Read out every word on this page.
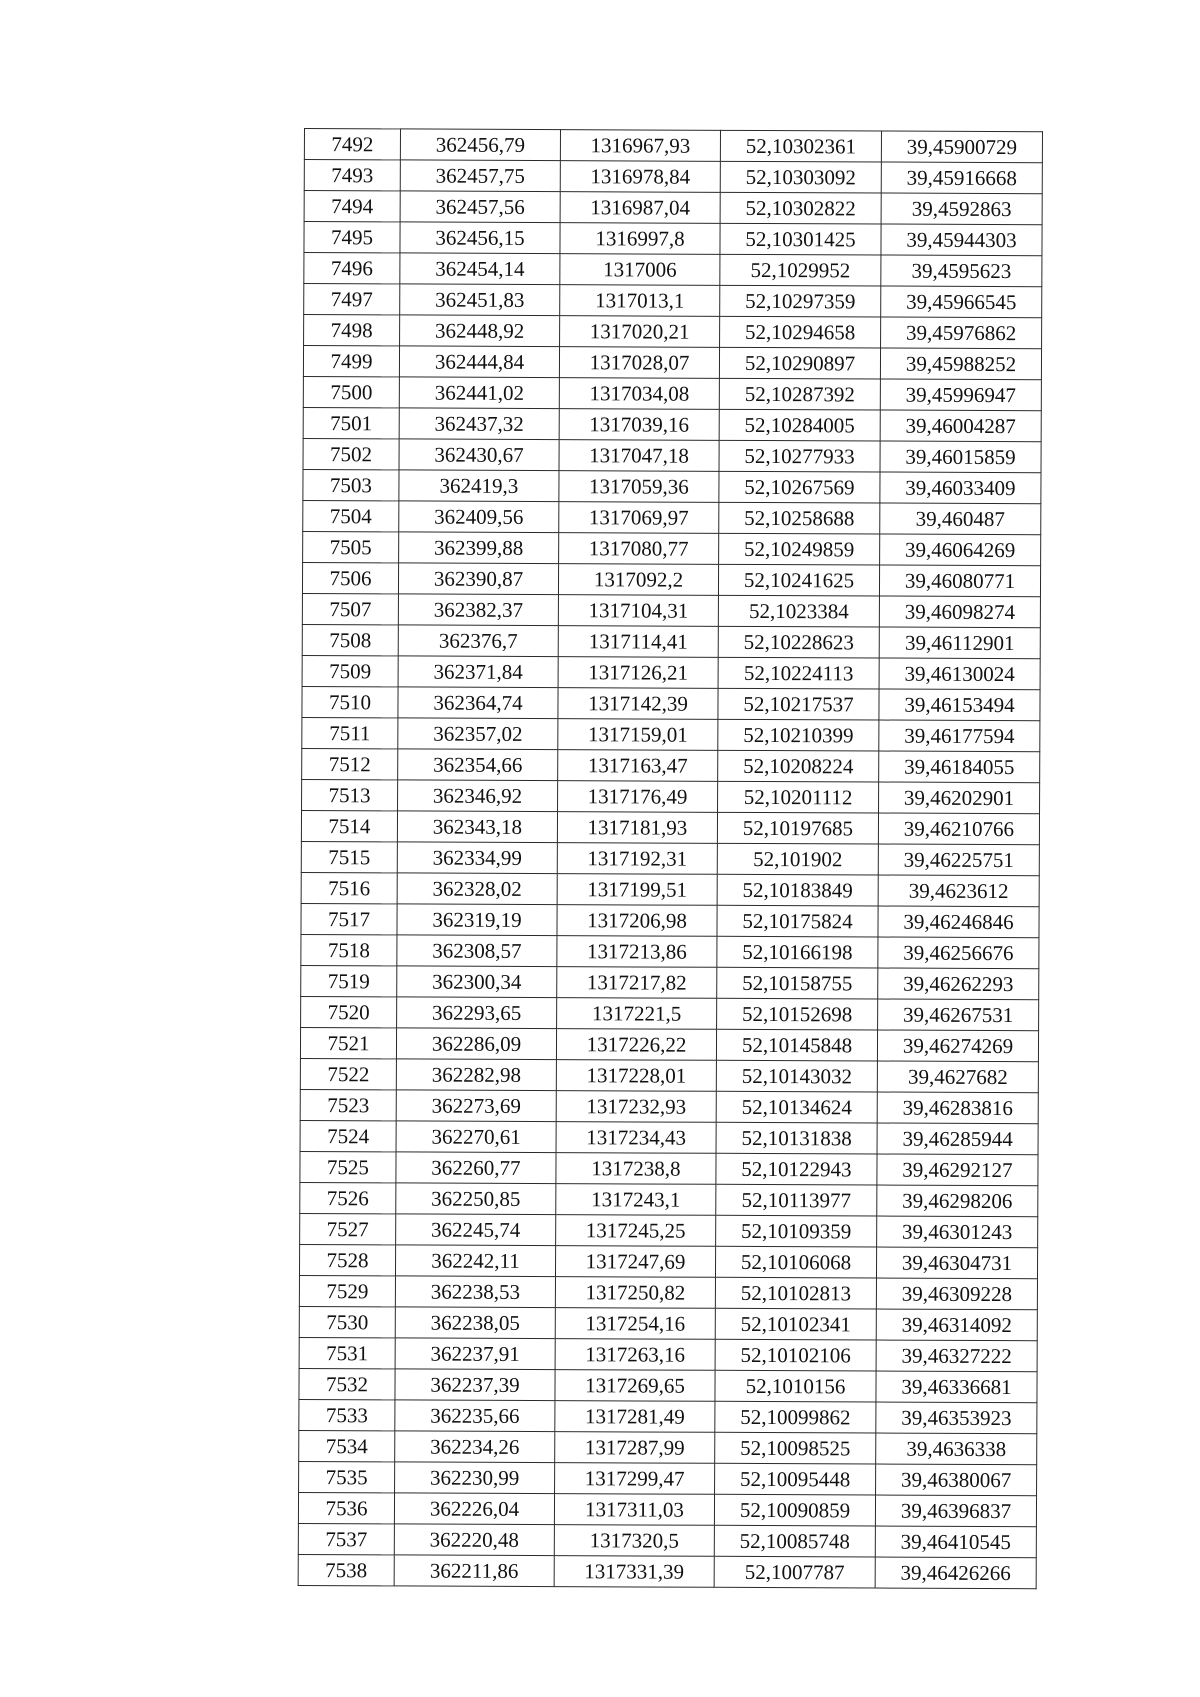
7492	362456,79	1316967,93	52,10302361	39,45900729
7493	362457,75	1316978,84	52,10303092	39,45916668
7494	362457,56	1316987,04	52,10302822	39,4592863
7495	362456,15	1316997,8	52,10301425	39,45944303
7496	362454,14	1317006	52,1029952	39,4595623
7497	362451,83	1317013,1	52,10297359	39,45966545
7498	362448,92	1317020,21	52,10294658	39,45976862
7499	362444,84	1317028,07	52,10290897	39,45988252
7500	362441,02	1317034,08	52,10287392	39,45996947
7501	362437,32	1317039,16	52,10284005	39,46004287
7502	362430,67	1317047,18	52,10277933	39,46015859
7503	362419,3	1317059,36	52,10267569	39,46033409
7504	362409,56	1317069,97	52,10258688	39,460487
7505	362399,88	1317080,77	52,10249859	39,46064269
7506	362390,87	1317092,2	52,10241625	39,46080771
7507	362382,37	1317104,31	52,1023384	39,46098274
7508	362376,7	1317114,41	52,10228623	39,46112901
7509	362371,84	1317126,21	52,10224113	39,46130024
7510	362364,74	1317142,39	52,10217537	39,46153494
7511	362357,02	1317159,01	52,10210399	39,46177594
7512	362354,66	1317163,47	52,10208224	39,46184055
7513	362346,92	1317176,49	52,10201112	39,46202901
7514	362343,18	1317181,93	52,10197685	39,46210766
7515	362334,99	1317192,31	52,101902	39,46225751
7516	362328,02	1317199,51	52,10183849	39,4623612
7517	362319,19	1317206,98	52,10175824	39,46246846
7518	362308,57	1317213,86	52,10166198	39,46256676
7519	362300,34	1317217,82	52,10158755	39,46262293
7520	362293,65	1317221,5	52,10152698	39,46267531
7521	362286,09	1317226,22	52,10145848	39,46274269
7522	362282,98	1317228,01	52,10143032	39,4627682
7523	362273,69	1317232,93	52,10134624	39,46283816
7524	362270,61	1317234,43	52,10131838	39,46285944
7525	362260,77	1317238,8	52,10122943	39,46292127
7526	362250,85	1317243,1	52,10113977	39,46298206
7527	362245,74	1317245,25	52,10109359	39,46301243
7528	362242,11	1317247,69	52,10106068	39,46304731
7529	362238,53	1317250,82	52,10102813	39,46309228
7530	362238,05	1317254,16	52,10102341	39,46314092
7531	362237,91	1317263,16	52,10102106	39,46327222
7532	362237,39	1317269,65	52,1010156	39,46336681
7533	362235,66	1317281,49	52,10099862	39,46353923
7534	362234,26	1317287,99	52,10098525	39,4636338
7535	362230,99	1317299,47	52,10095448	39,46380067
7536	362226,04	1317311,03	52,10090859	39,46396837
7537	362220,48	1317320,5	52,10085748	39,46410545
7538	362211,86	1317331,39	52,1007787	39,46426266
